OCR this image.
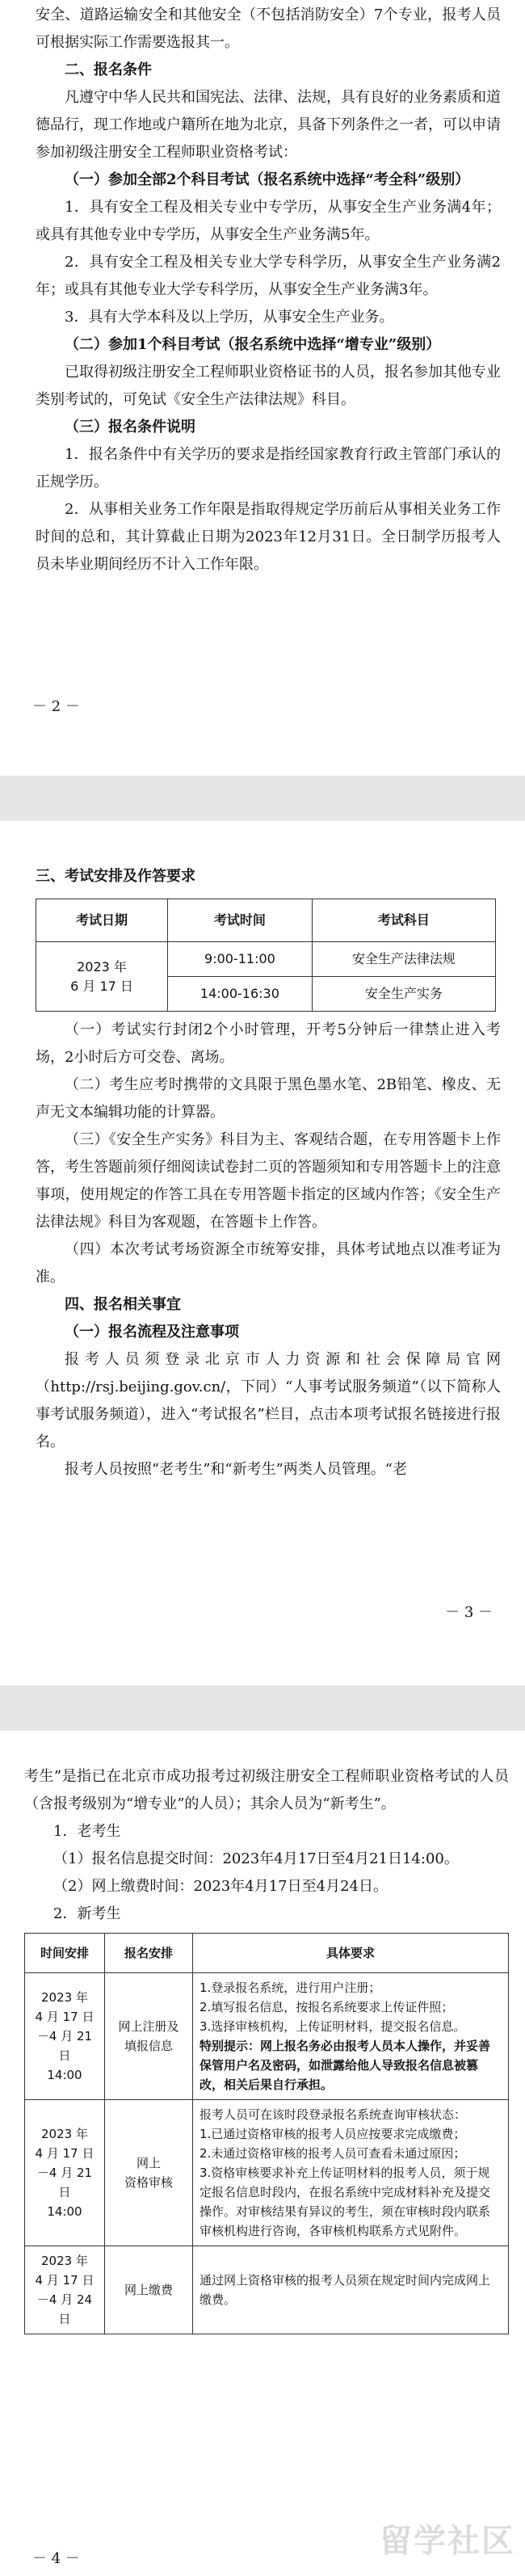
安全、道路运输安全和其他安全（不包括消防安全）7个专业，报考人员可根据实际工作需要选报其一。

二、报名条件

凡遵守中华人民共和国宪法、法律、法规，具有良好的业务素质和道德品行，现工作地或户籍所在地为北京，具备下列条件之一者，可以申请参加初级注册安全工程师职业资格考试：

（一）参加全部2个科目考试（报名系统中选择“考全科”级别）

1．具有安全工程及相关专业中专学历，从事安全生产业务满4年；或具有其他专业中专学历，从事安全生产业务满5年。

2．具有安全工程及相关专业大学专科学历，从事安全生产业务满2年；或具有其他专业大学专科学历，从事安全生产业务满3年。

3．具有大学本科及以上学历，从事安全生产业务。

（二）参加1个科目考试（报名系统中选择“增专业”级别）

已取得初级注册安全工程师职业资格证书的人员，报名参加其他专业类别考试的，可免试《安全生产法律法规》科目。

（三）报名条件说明

1．报名条件中有关学历的要求是指经国家教育行政主管部门承认的正规学历。

2．从事相关业务工作年限是指取得规定学历前后从事相关业务工作时间的总和，其计算截止日期为2023年12月31日。全日制学历报考人员未毕业期间经历不计入工作年限。

－ 2 －

三、考试安排及作答要求

考试日期	考试时间	考试科目
2023 年
6 月 17 日	9:00-11:00	安全生产法律法规
	14:00-16:30	安全生产实务

（一）考试实行封闭2个小时管理，开考5分钟后一律禁止进入考场，2小时后方可交卷、离场。

（二）考生应考时携带的文具限于黑色墨水笔、2B铅笔、橡皮、无声无文本编辑功能的计算器。

（三）《安全生产实务》科目为主、客观结合题，在专用答题卡上作答，考生答题前须仔细阅读试卷封二页的答题须知和专用答题卡上的注意事项，使用规定的作答工具在专用答题卡指定的区域内作答；《安全生产法律法规》科目为客观题，在答题卡上作答。

（四）本次考试考场资源全市统筹安排，具体考试地点以准考证为准。

四、报名相关事宜

（一）报名流程及注意事项

报考人员须登录北京市人力资源和社会保障局官网（http://rsj.beijing.gov.cn/，下同）“人事考试服务频道”（以下简称人事考试服务频道），进入“考试报名”栏目，点击本项考试报名链接进行报名。

报考人员按照“老考生”和“新考生”两类人员管理。“老

－ 3 －

考生”是指已在北京市成功报考过初级注册安全工程师职业资格考试的人员（含报考级别为“增专业”的人员）；其余人员为“新考生”。

1．老考生

（1）报名信息提交时间：2023年4月17日至4月21日14:00。

（2）网上缴费时间：2023年4月17日至4月24日。

2．新考生

时间安排	报名安排	具体要求
2023 年
4 月 17 日
－4 月 21 日
14:00	网上注册及
填报信息	1.登录报名系统，进行用户注册；
2.填写报名信息，按报名系统要求上传证件照；
3.选择审核机构，上传证明材料，提交报名信息。
特别提示：网上报名务必由报考人员本人操作，并妥善保管用户名及密码，如泄露给他人导致报名信息被篡改，相关后果自行承担。

2023 年
4 月 17 日
－4 月 21 日
14:00	网上
资格审核	报考人员可在该时段登录报名系统查询审核状态：
1.已通过资格审核的报考人员应按要求完成缴费；
2.未通过资格审核的报考人员可查看未通过原因；
3.资格审核要求补充上传证明材料的报考人员，须于规定报名信息时段内，在报名系统中完成材料补充及提交操作。对审核结果有异议的考生，须在审核时段内联系审核机构进行咨询，各审核机构联系方式见附件。

2023 年
4 月 17 日
－4 月 24 日	网上缴费	通过网上资格审核的报考人员须在规定时间内完成网上缴费。
－ 4 －	留学社区
